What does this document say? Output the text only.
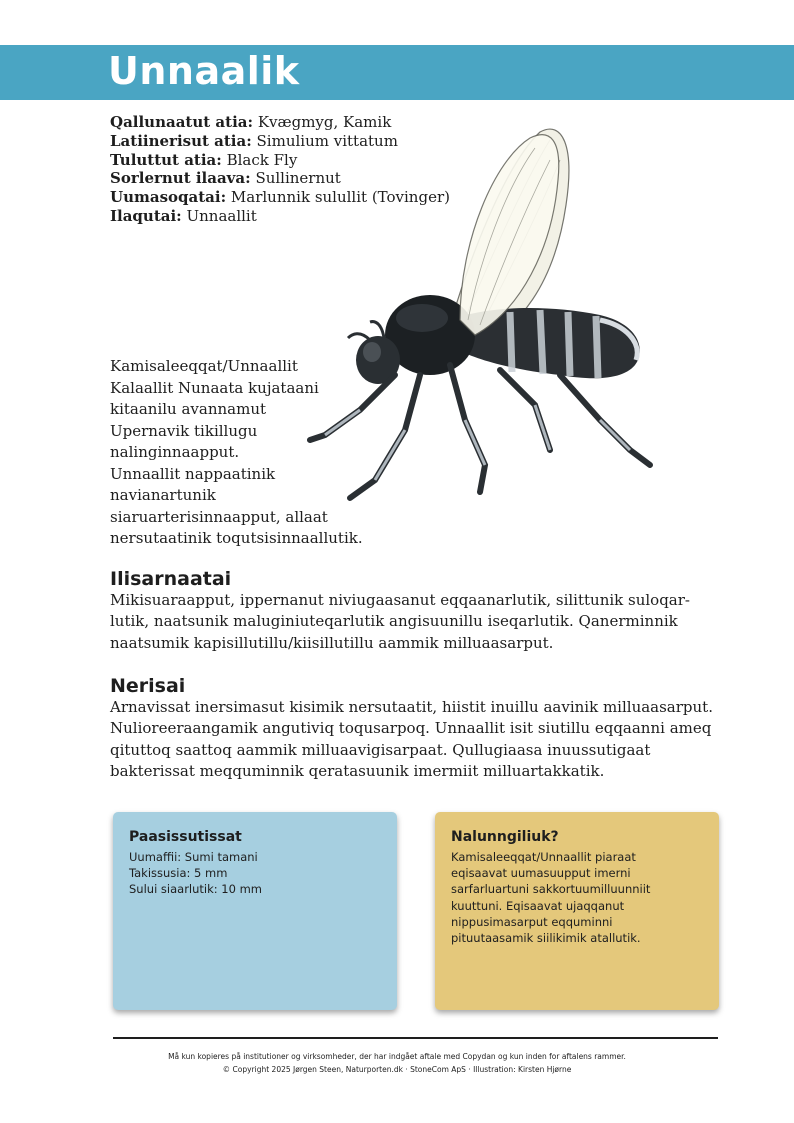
Unnaalik
Qallunaatut atia: Kvægmyg, Kamik
Latiinerisut atia: Simulium vittatum
Tuluttut atia: Black Fly
Sorlernut ilaava: Sullinernut
Uumasoqatai: Marlunnik sulullit (Tovinger)
Ilaqutai: Unnaallit
Kamisaleeqqat/Unnaallit
Kalaallit Nunaata kujataani
kitaanilu avannamut
Upernavik tikillugu
nalinginnaapput.
Unnaallit nappaatinik
navianartunik
siaruarterisinnaapput, allaat
nersutaatinik toqutsisinnaallutik.
Ilisarnaatai
Mikisuaraapput, ippernanut niviugaasanut eqqaanarlutik, silittunik suloqar-
lutik, naatsunik maluginiuteqarlutik angisuunillu iseqarlutik. Qanerminnik
naatsumik kapisillutillu/kiisillutillu aammik milluaasarput.
Nerisai
Arnavissat inersimasut kisimik nersutaatit, hiistit inuillu aavinik milluaasarput.
Nulioreeraangamik angutiviq toqusarpoq. Unnaallit isit siutillu eqqaanni ameq
qituttoq saattoq aammik milluaavigisarpaat. Qullugiaasa inuussutigaat
bakterissat meqquminnik qeratasuunik imermiit milluartakkatik.
Paasissutissat
Uumaffii: Sumi tamani
Takissusia: 5 mm
Sului siaarlutik: 10 mm
Nalunngiliuk?
Kamisaleeqqat/Unnaallit piaraat
eqisaavat uumasuupput imerni
sarfarluartuni sakkortuumilluunniit
kuuttuni. Eqisaavat ujaqqanut
nippusimasarput eqquminni
pituutaasamik siilikimik atallutik.
Må kun kopieres på institutioner og virksomheder, der har indgået aftale med Copydan og kun inden for aftalens rammer.
© Copyright 2025 Jørgen Steen, Naturporten.dk · StoneCom ApS · Illustration: Kirsten Hjørne
